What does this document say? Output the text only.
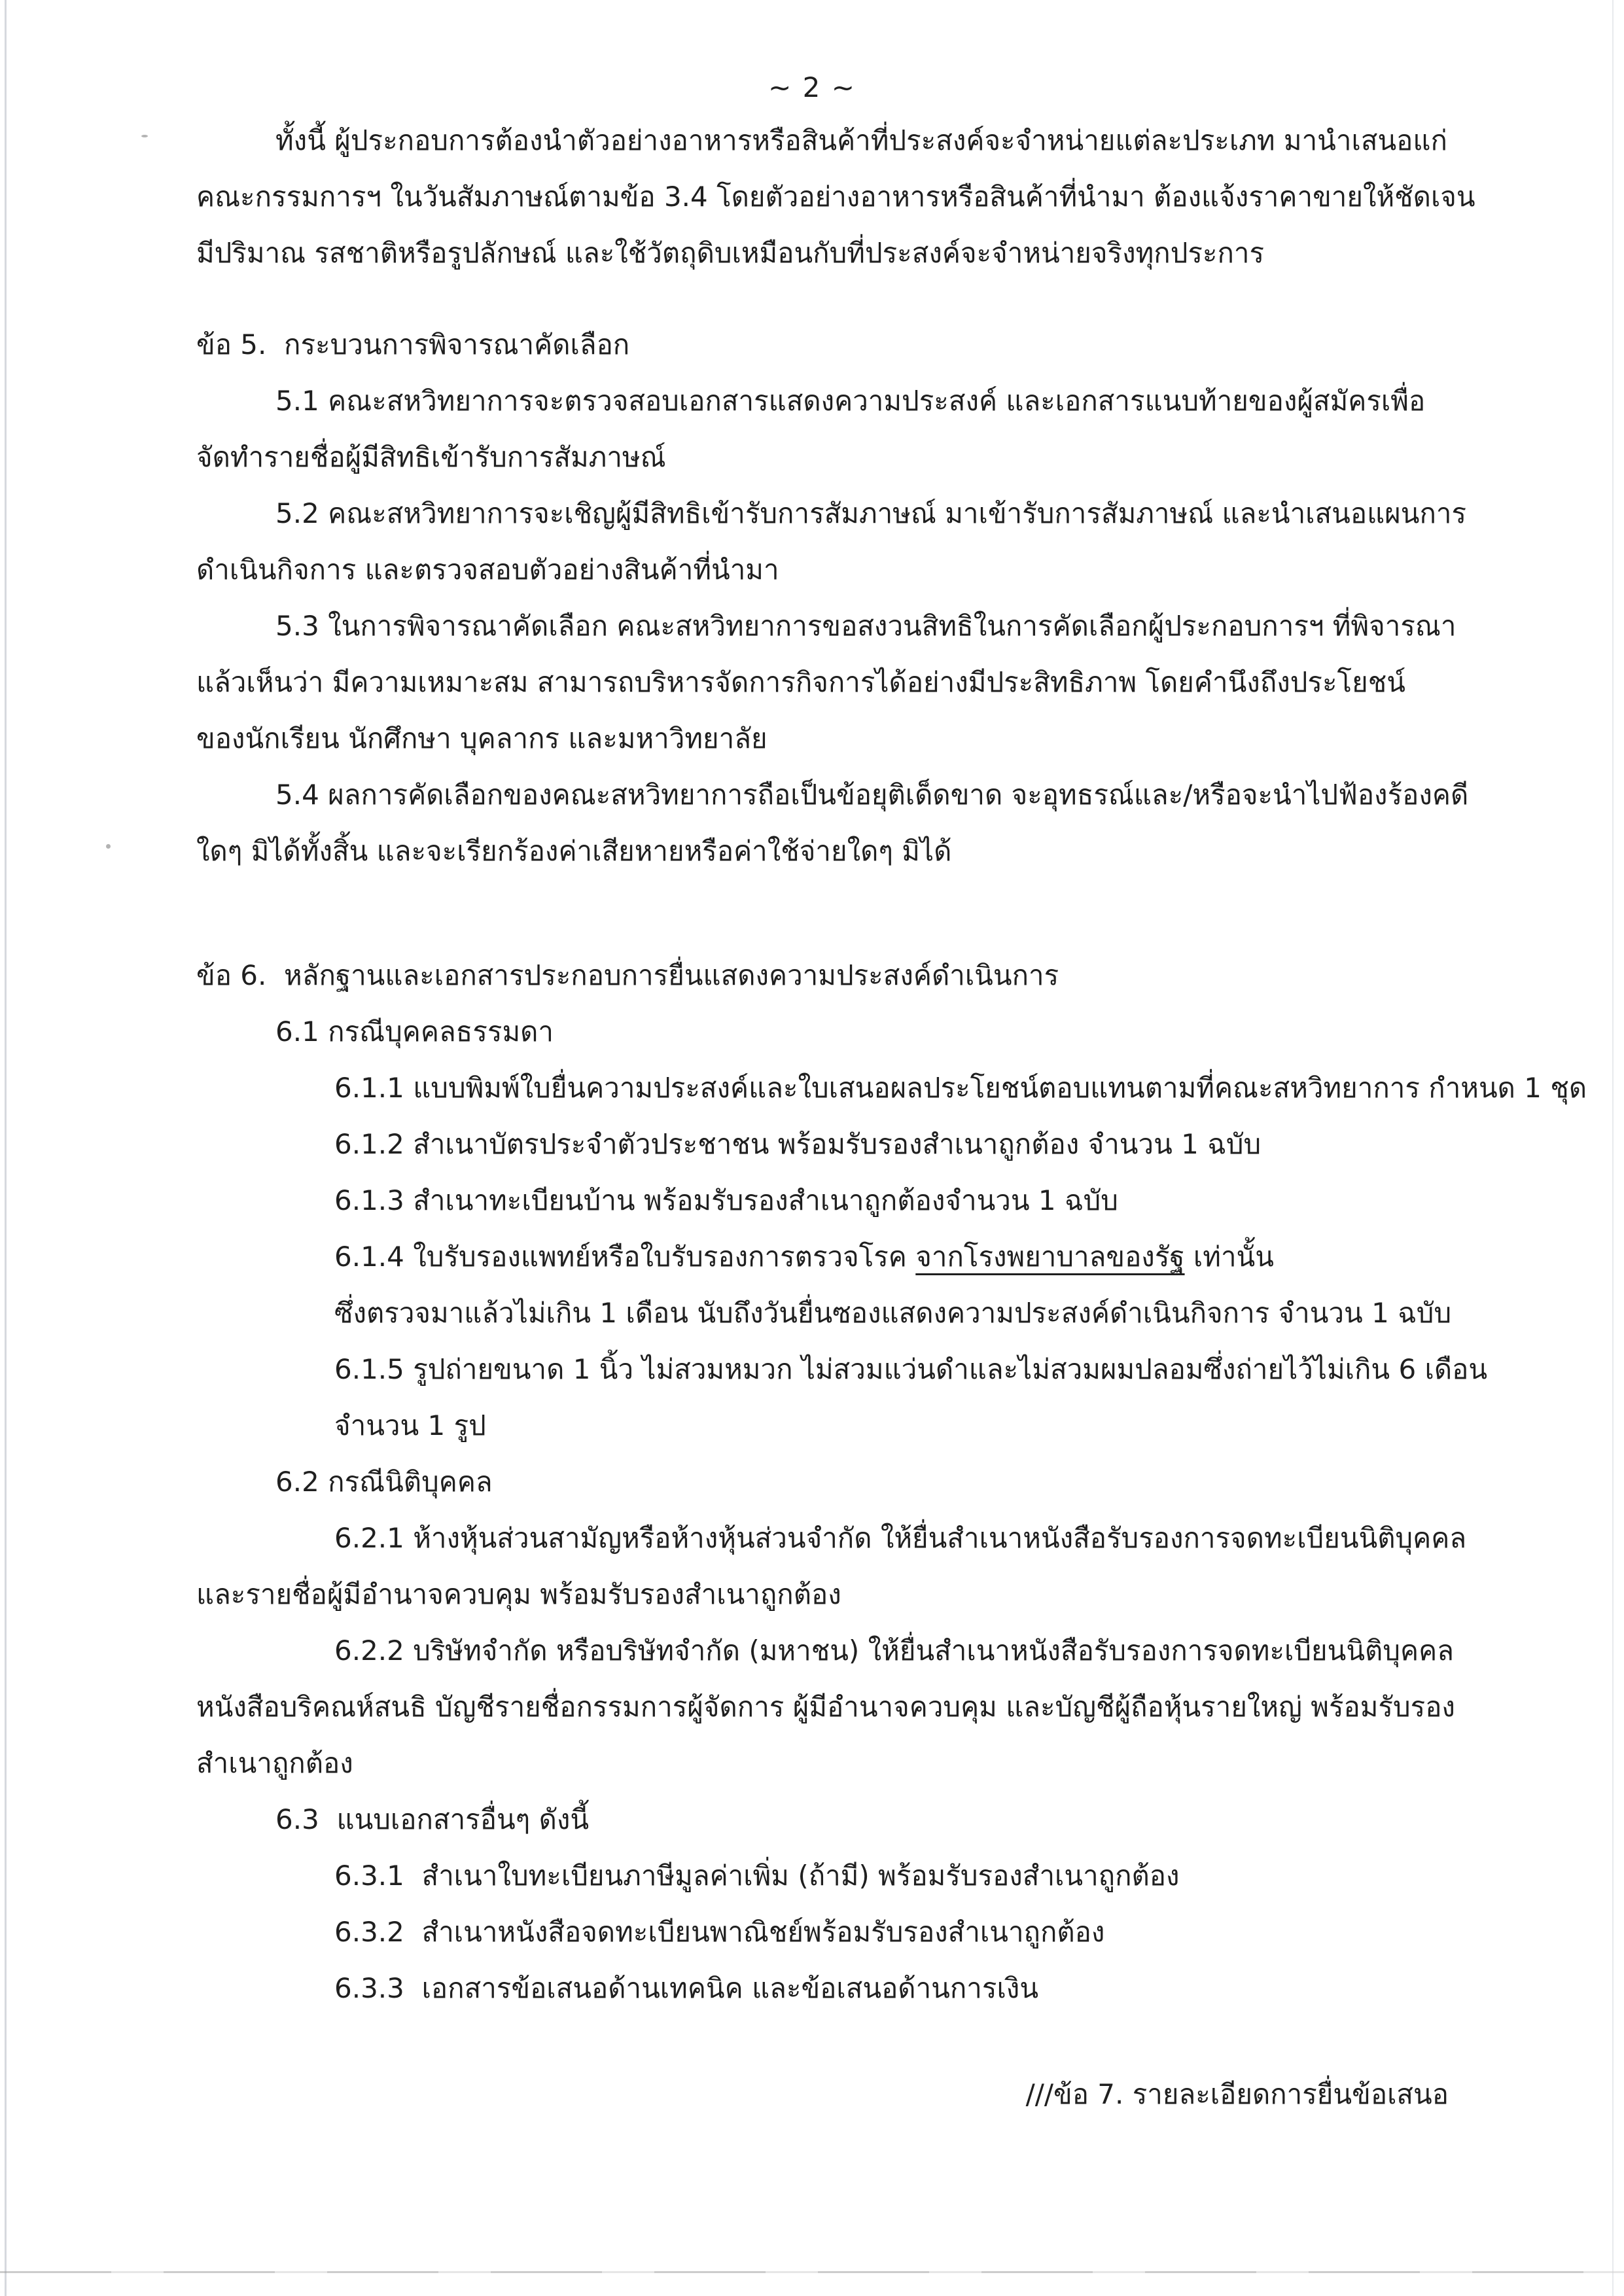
~ 2 ~
ทั้งนี้ ผู้ประกอบการต้องนำตัวอย่างอาหารหรือสินค้าที่ประสงค์จะจำหน่ายแต่ละประเภท มานำเสนอแก่
คณะกรรมการฯ ในวันสัมภาษณ์ตามข้อ 3.4 โดยตัวอย่างอาหารหรือสินค้าที่นำมา ต้องแจ้งราคาขายให้ชัดเจน
มีปริมาณ รสชาติหรือรูปลักษณ์ และใช้วัตถุดิบเหมือนกับที่ประสงค์จะจำหน่ายจริงทุกประการ
ข้อ 5.  กระบวนการพิจารณาคัดเลือก
5.1 คณะสหวิทยาการจะตรวจสอบเอกสารแสดงความประสงค์ และเอกสารแนบท้ายของผู้สมัครเพื่อ
จัดทำรายชื่อผู้มีสิทธิเข้ารับการสัมภาษณ์
5.2 คณะสหวิทยาการจะเชิญผู้มีสิทธิเข้ารับการสัมภาษณ์ มาเข้ารับการสัมภาษณ์ และนำเสนอแผนการ
ดำเนินกิจการ และตรวจสอบตัวอย่างสินค้าที่นำมา
5.3 ในการพิจารณาคัดเลือก คณะสหวิทยาการขอสงวนสิทธิในการคัดเลือกผู้ประกอบการฯ ที่พิจารณา
แล้วเห็นว่า มีความเหมาะสม สามารถบริหารจัดการกิจการได้อย่างมีประสิทธิภาพ โดยคำนึงถึงประโยชน์
ของนักเรียน นักศึกษา บุคลากร และมหาวิทยาลัย
5.4 ผลการคัดเลือกของคณะสหวิทยาการถือเป็นข้อยุติเด็ดขาด จะอุทธรณ์และ/หรือจะนำไปฟ้องร้องคดี
ใดๆ มิได้ทั้งสิ้น และจะเรียกร้องค่าเสียหายหรือค่าใช้จ่ายใดๆ มิได้
ข้อ 6.  หลักฐานและเอกสารประกอบการยื่นแสดงความประสงค์ดำเนินการ
6.1 กรณีบุคคลธรรมดา
6.1.1 แบบพิมพ์ใบยื่นความประสงค์และใบเสนอผลประโยชน์ตอบแทนตามที่คณะสหวิทยาการ กำหนด 1 ชุด
6.1.2 สำเนาบัตรประจำตัวประชาชน พร้อมรับรองสำเนาถูกต้อง จำนวน 1 ฉบับ
6.1.3 สำเนาทะเบียนบ้าน พร้อมรับรองสำเนาถูกต้องจำนวน 1 ฉบับ
6.1.4 ใบรับรองแพทย์หรือใบรับรองการตรวจโรค จากโรงพยาบาลของรัฐ เท่านั้น
ซึ่งตรวจมาแล้วไม่เกิน 1 เดือน นับถึงวันยื่นซองแสดงความประสงค์ดำเนินกิจการ จำนวน 1 ฉบับ
6.1.5 รูปถ่ายขนาด 1 นิ้ว ไม่สวมหมวก ไม่สวมแว่นดำและไม่สวมผมปลอมซึ่งถ่ายไว้ไม่เกิน 6 เดือน
จำนวน 1 รูป
6.2 กรณีนิติบุคคล
6.2.1 ห้างหุ้นส่วนสามัญหรือห้างหุ้นส่วนจำกัด ให้ยื่นสำเนาหนังสือรับรองการจดทะเบียนนิติบุคคล
และรายชื่อผู้มีอำนาจควบคุม พร้อมรับรองสำเนาถูกต้อง
6.2.2 บริษัทจำกัด หรือบริษัทจำกัด (มหาชน) ให้ยื่นสำเนาหนังสือรับรองการจดทะเบียนนิติบุคคล
หนังสือบริคณห์สนธิ บัญชีรายชื่อกรรมการผู้จัดการ ผู้มีอำนาจควบคุม และบัญชีผู้ถือหุ้นรายใหญ่ พร้อมรับรอง
สำเนาถูกต้อง
6.3  แนบเอกสารอื่นๆ ดังนี้
6.3.1  สำเนาใบทะเบียนภาษีมูลค่าเพิ่ม (ถ้ามี) พร้อมรับรองสำเนาถูกต้อง
6.3.2  สำเนาหนังสือจดทะเบียนพาณิชย์พร้อมรับรองสำเนาถูกต้อง
6.3.3  เอกสารข้อเสนอด้านเทคนิค และข้อเสนอด้านการเงิน
///ข้อ 7. รายละเอียดการยื่นข้อเสนอ
